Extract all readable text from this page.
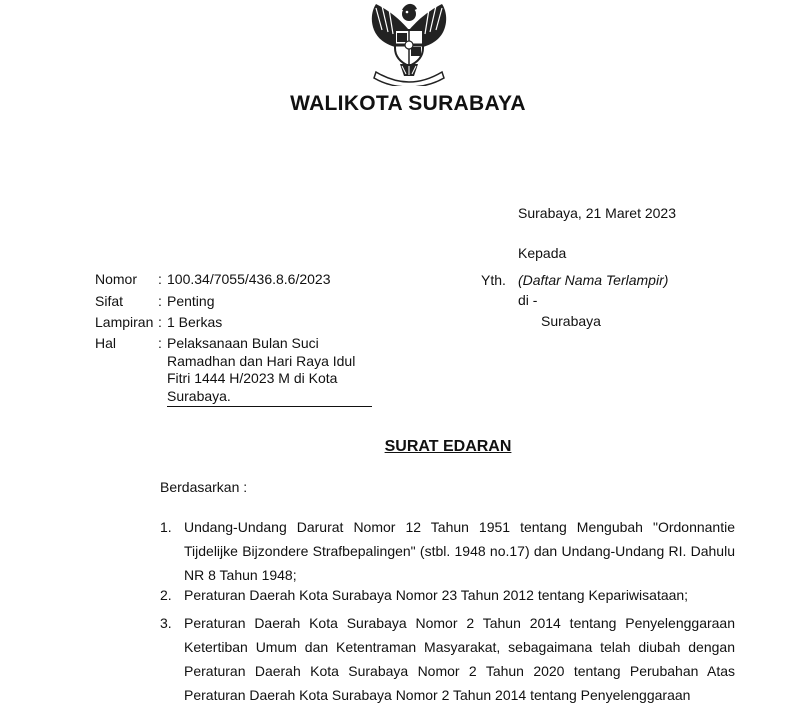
WALIKOTA SURABAYA
Surabaya, 21 Maret 2023
Kepada
Yth. (Daftar Nama Terlampir)
di -
Surabaya
Nomor : 100.34/7055/436.8.6/2023
Sifat : Penting
Lampiran : 1 Berkas
Hal	: Pelaksanaan Bulan Suci Ramadhan dan Hari Raya Idul Fitri 1444 H/2023 M di Kota Surabaya.
SURAT EDARAN
Berdasarkan :
1. Undang-Undang Darurat Nomor 12 Tahun 1951 tentang Mengubah "Ordonnantie Tijdelijke Bijzondere Strafbepalingen" (stbl. 1948 no.17) dan Undang-Undang RI. Dahulu NR 8 Tahun 1948;
2. Peraturan Daerah Kota Surabaya Nomor 23 Tahun 2012 tentang Kepariwisataan;
3. Peraturan Daerah Kota Surabaya Nomor 2 Tahun 2014 tentang Penyelenggaraan Ketertiban Umum dan Ketentraman Masyarakat, sebagaimana telah diubah dengan Peraturan Daerah Kota Surabaya Nomor 2 Tahun 2020 tentang Perubahan Atas Peraturan Daerah Kota Surabaya Nomor 2 Tahun 2014 tentang Penyelenggaraan
